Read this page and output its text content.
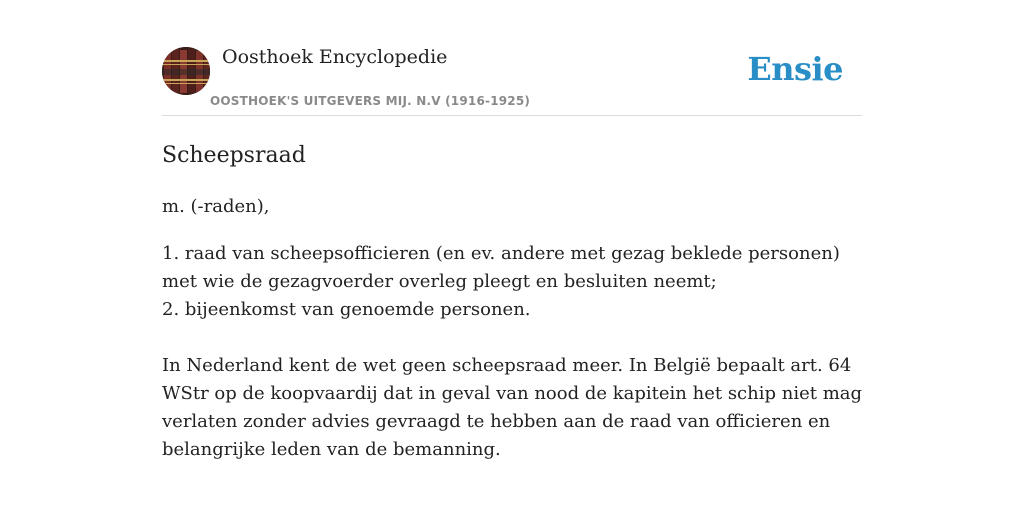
Oosthoek Encyclopedie
OOSTHOEK'S UITGEVERS MIJ. N.V (1916-1925)
Ensie
Scheepsraad

m. (-raden),

1. raad van scheepsofficieren (en ev. andere met gezag beklede personen) met wie de gezagvoerder overleg pleegt en besluiten neemt;

2. bijeenkomst van genoemde personen.

In Nederland kent de wet geen scheepsraad meer. In België bepaalt art. 64 WStr op de koopvaardij dat in geval van nood de kapitein het schip niet mag verlaten zonder advies gevraagd te hebben aan de raad van officieren en belangrijke leden van de bemanning.
